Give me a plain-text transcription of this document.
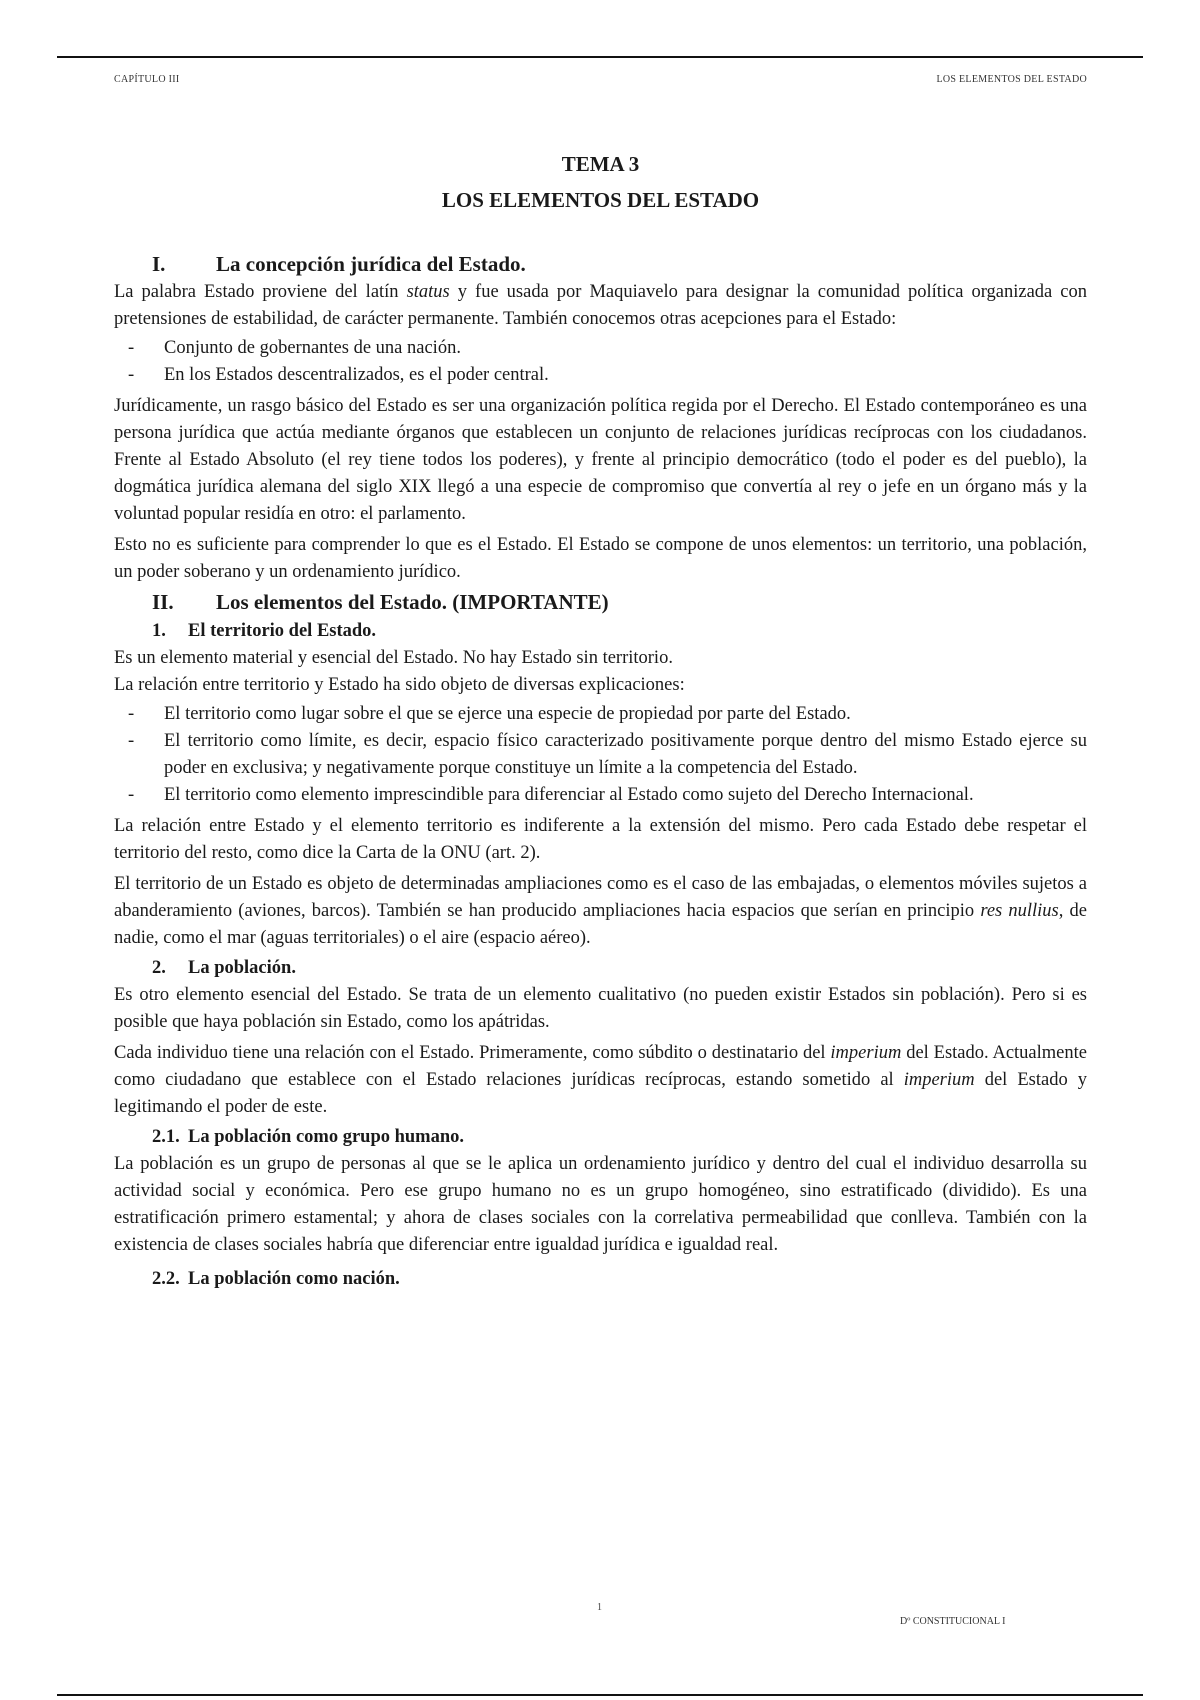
CAPÍTULO III	LOS ELEMENTOS DEL ESTADO

TEMA 3

LOS ELEMENTOS DEL ESTADO

I.	La concepción jurídica del Estado.

La palabra Estado proviene del latín status y fue usada por Maquiavelo para designar la comunidad política organizada con pretensiones de estabilidad, de carácter permanente. También conocemos otras acepciones para el Estado:

- Conjunto de gobernantes de una nación.
- En los Estados descentralizados, es el poder central.

Jurídicamente, un rasgo básico del Estado es ser una organización política regida por el Derecho. El Estado contemporáneo es una persona jurídica que actúa mediante órganos que establecen un conjunto de relaciones jurídicas recíprocas con los ciudadanos. Frente al Estado Absoluto (el rey tiene todos los poderes), y frente al principio democrático (todo el poder es del pueblo), la dogmática jurídica alemana del siglo XIX llegó a una especie de compromiso que convertía al rey o jefe en un órgano más y la voluntad popular residía en otro: el parlamento.

Esto no es suficiente para comprender lo que es el Estado. El Estado se compone de unos elementos: un territorio, una población, un poder soberano y un ordenamiento jurídico.

II.	Los elementos del Estado. (IMPORTANTE)
1.	El territorio del Estado.

Es un elemento material y esencial del Estado. No hay Estado sin territorio.

La relación entre territorio y Estado ha sido objeto de diversas explicaciones:

- El territorio como lugar sobre el que se ejerce una especie de propiedad por parte del Estado.
- El territorio como límite, es decir, espacio físico caracterizado positivamente porque dentro del mismo Estado ejerce su poder en exclusiva; y negativamente porque constituye un límite a la competencia del Estado.
- El territorio como elemento imprescindible para diferenciar al Estado como sujeto del Derecho Internacional.

La relación entre Estado y el elemento territorio es indiferente a la extensión del mismo. Pero cada Estado debe respetar el territorio del resto, como dice la Carta de la ONU (art. 2).

El territorio de un Estado es objeto de determinadas ampliaciones como es el caso de las embajadas, o elementos móviles sujetos a abanderamiento (aviones, barcos). También se han producido ampliaciones hacia espacios que serían en principio res nullius, de nadie, como el mar (aguas territoriales) o el aire (espacio aéreo).

2.	La población.

Es otro elemento esencial del Estado. Se trata de un elemento cualitativo (no pueden existir Estados sin población). Pero si es posible que haya población sin Estado, como los apátridas.

Cada individuo tiene una relación con el Estado. Primeramente, como súbdito o destinatario del imperium del Estado. Actualmente como ciudadano que establece con el Estado relaciones jurídicas recíprocas, estando sometido al imperium del Estado y legitimando el poder de este.

2.1. La población como grupo humano.

La población es un grupo de personas al que se le aplica un ordenamiento jurídico y dentro del cual el individuo desarrolla su actividad social y económica. Pero ese grupo humano no es un grupo homogéneo, sino estratificado (dividido). Es una estratificación primero estamental; y ahora de clases sociales con la correlativa permeabilidad que conlleva. También con la existencia de clases sociales habría que diferenciar entre igualdad jurídica e igualdad real.

2.2. La población como nación.
1
Dº CONSTITUCIONAL I
